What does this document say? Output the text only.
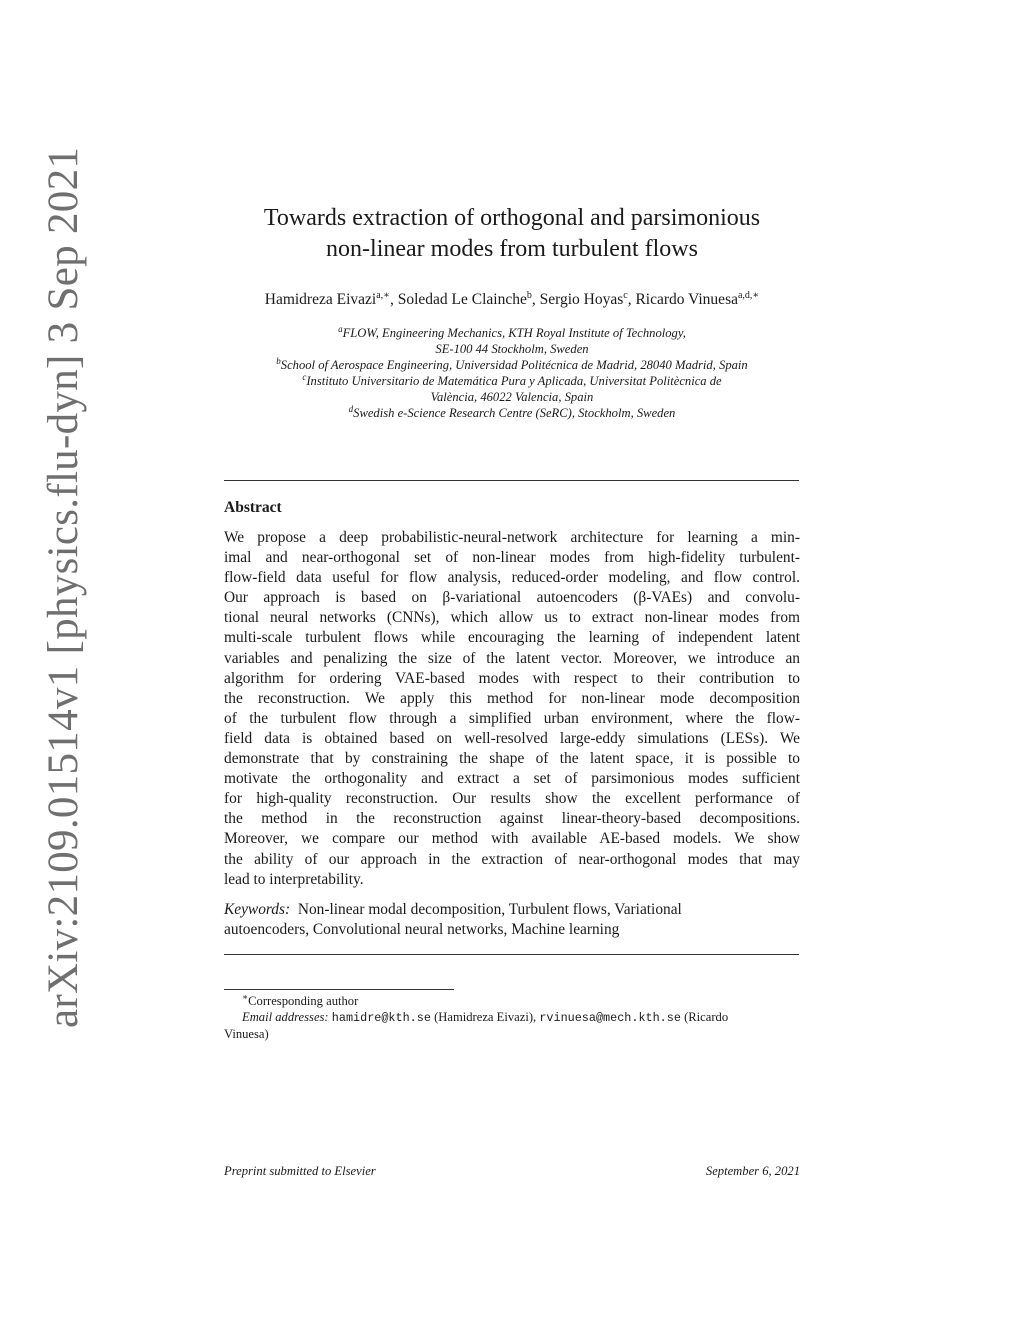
arXiv:2109.01514v1 [physics.flu-dyn] 3 Sep 2021	Towards extraction of orthogonal and parsimonious
non-linear modes from turbulent flows
Hamidreza Eivazi$^{a,∗}$, Soledad Le Clainche$^b$, Sergio Hoyas$^c$, Ricardo Vinuesa$^{a,d,∗}$
$^a$FLOW, Engineering Mechanics, KTH Royal Institute of Technology,
SE-100 44 Stockholm, Sweden
$^b$School of Aerospace Engineering, Universidad Politécnica de Madrid, 28040 Madrid, Spain
$^c$Instituto Universitario de Matemática Pura y Aplicada, Universitat Politècnica de
València, 46022 Valencia, Spain
$^d$Swedish e-Science Research Centre (SeRC), Stockholm, Sweden
Abstract
We propose a deep probabilistic-neural-network architecture for learning a min-
imal and near-orthogonal set of non-linear modes from high-fidelity turbulent-
flow-field data useful for flow analysis, reduced-order modeling, and flow control.
Our approach is based on β-variational autoencoders (β-VAEs) and convolu-
tional neural networks (CNNs), which allow us to extract non-linear modes from
multi-scale turbulent flows while encouraging the learning of independent latent
variables and penalizing the size of the latent vector. Moreover, we introduce an
algorithm for ordering VAE-based modes with respect to their contribution to
the reconstruction. We apply this method for non-linear mode decomposition
of the turbulent flow through a simplified urban environment, where the flow-
field data is obtained based on well-resolved large-eddy simulations (LESs). We
demonstrate that by constraining the shape of the latent space, it is possible to
motivate the orthogonality and extract a set of parsimonious modes sufficient
for high-quality reconstruction. Our results show the excellent performance of
the method in the reconstruction against linear-theory-based decompositions.
Moreover, we compare our method with available AE-based models. We show
the ability of our approach in the extraction of near-orthogonal modes that may
lead to interpretability.
Keywords: Non-linear modal decomposition, Turbulent flows, Variational
autoencoders, Convolutional neural networks, Machine learning
∗Corresponding author
Email addresses: hamidre@kth.se (Hamidreza Eivazi), rvinuesa@mech.kth.se (Ricardo
Vinuesa)
Preprint submitted to Elsevier	September 6, 2021
